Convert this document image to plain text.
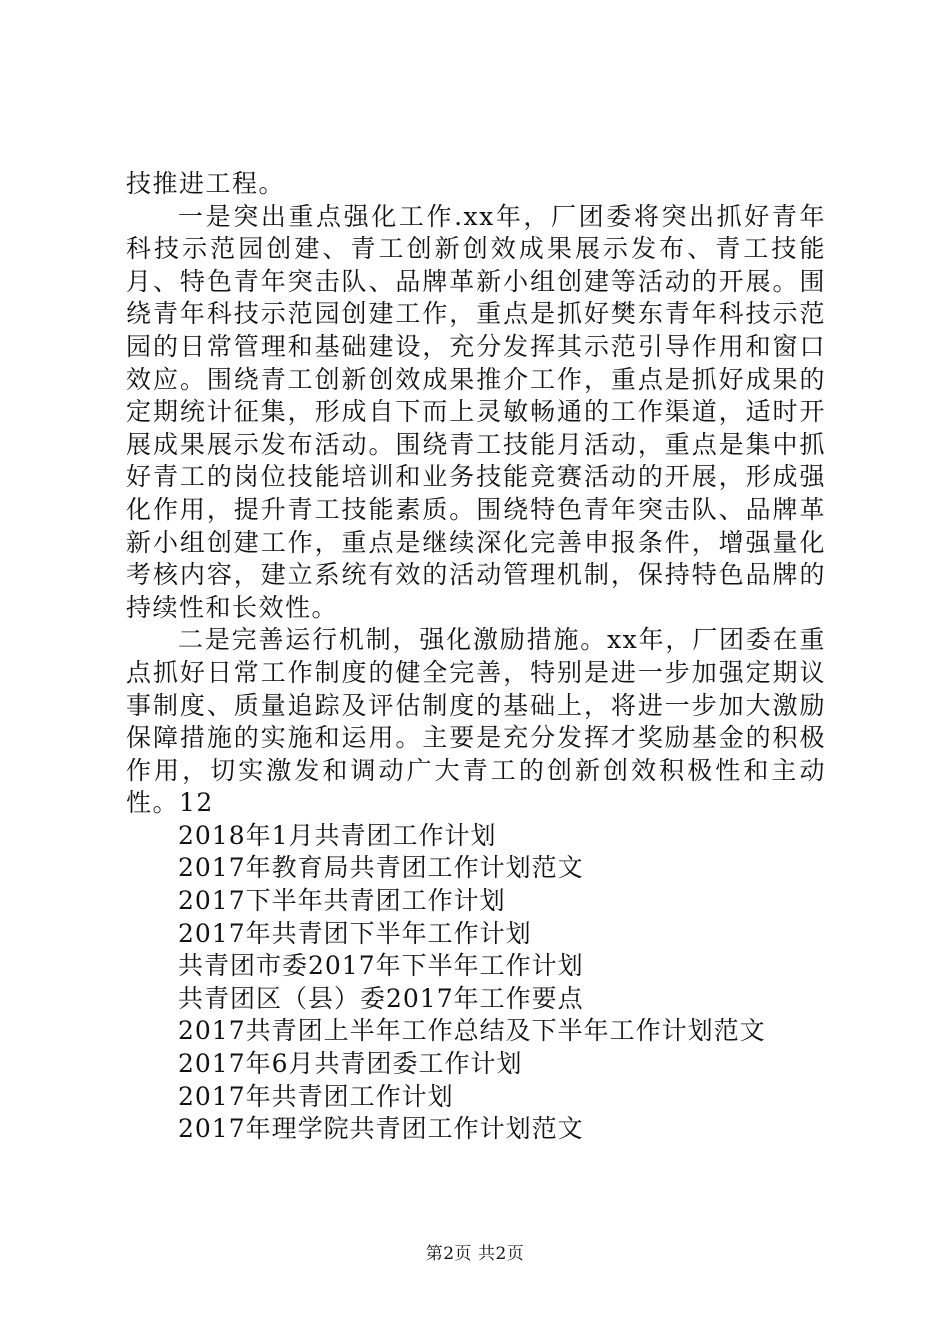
技推进工程。

一是突出重点强化工作.xx年，厂团委将突出抓好青年科技示范园创建、青工创新创效成果展示发布、青工技能月、特色青年突击队、品牌革新小组创建等活动的开展。围绕青年科技示范园创建工作，重点是抓好樊东青年科技示范园的日常管理和基础建设，充分发挥其示范引导作用和窗口效应。围绕青工创新创效成果推介工作，重点是抓好成果的定期统计征集，形成自下而上灵敏畅通的工作渠道，适时开展成果展示发布活动。围绕青工技能月活动，重点是集中抓好青工的岗位技能培训和业务技能竞赛活动的开展，形成强化作用，提升青工技能素质。围绕特色青年突击队、品牌革新小组创建工作，重点是继续深化完善申报条件，增强量化考核内容，建立系统有效的活动管理机制，保持特色品牌的持续性和长效性。

二是完善运行机制，强化激励措施。xx年，厂团委在重点抓好日常工作制度的健全完善，特别是进一步加强定期议事制度、质量追踪及评估制度的基础上，将进一步加大激励保障措施的实施和运用。主要是充分发挥才奖励基金的积极作用，切实激发和调动广大青工的创新创效积极性和主动性。12

2018年1月共青团工作计划
2017年教育局共青团工作计划范文
2017下半年共青团工作计划
2017年共青团下半年工作计划
共青团市委2017年下半年工作计划
共青团区（县）委2017年工作要点
2017共青团上半年工作总结及下半年工作计划范文
2017年6月共青团委工作计划
2017年共青团工作计划
2017年理学院共青团工作计划范文
第2页 共2页
